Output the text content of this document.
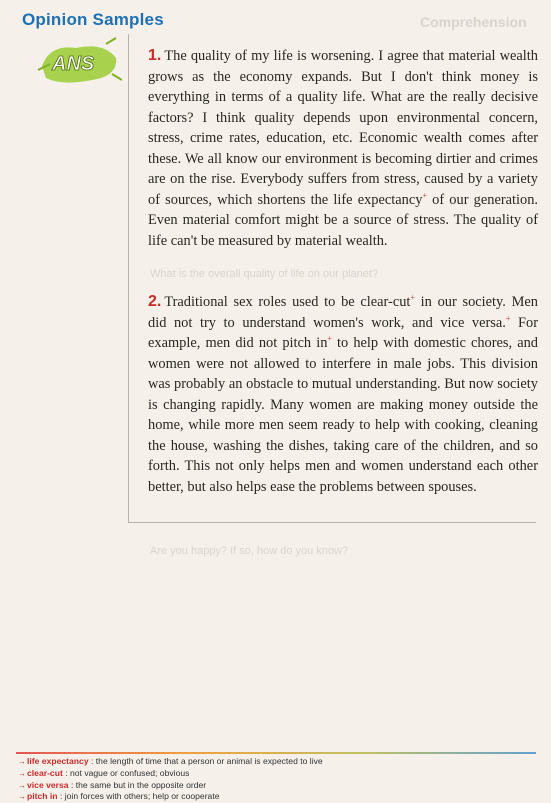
Comprehension
What is the overall quality of life on our planet?
Are you happy? If so, how do you know?
Opinion Samples
ANS	1. The quality of my life is worsening. I agree that material wealth grows as the economy expands. But I don't think money is everything in terms of a quality life. What are the really decisive factors? I think quality depends upon environmental concern, stress, crime rates, education, etc. Economic wealth comes after these. We all know our environment is becoming dirtier and crimes are on the rise. Everybody suffers from stress, caused by a variety of sources, which shortens the life expectancy+ of our generation. Even material comfort might be a source of stress. The quality of life can't be measured by material wealth.

2. Traditional sex roles used to be clear-cut+ in our society. Men did not try to understand women's work, and vice versa.+ For example, men did not pitch in+ to help with domestic chores, and women were not allowed to interfere in male jobs. This division was probably an obstacle to mutual understanding. But now society is changing rapidly. Many women are making money outside the home, while more men seem ready to help with cooking, cleaning the house, washing the dishes, taking care of the children, and so forth. This not only helps men and women understand each other better, but also helps ease the problems between spouses.

→life expectancy : the length of time that a person or animal is expected to live
→clear-cut : not vague or confused; obvious
→vice versa : the same but in the opposite order
→pitch in : join forces with others; help or cooperate
